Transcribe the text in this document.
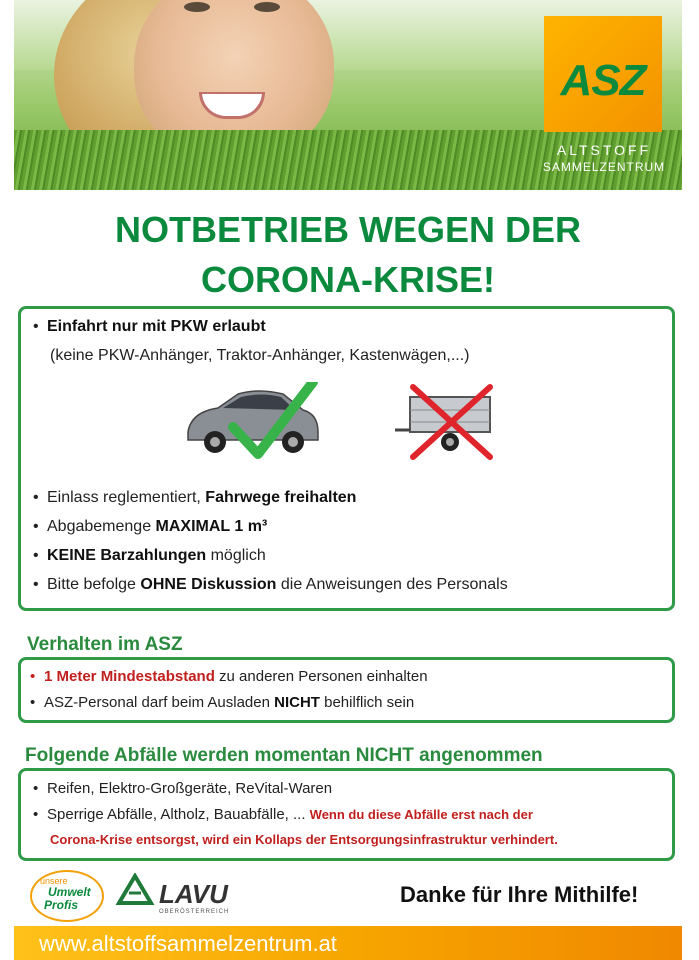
ASZ
ALTSTOFF
SAMMELZENTRUM
NOTBETRIEB WEGEN DER
CORONA-KRISE!
• Einfahrt nur mit PKW erlaubt
(keine PKW-Anhänger, Traktor-Anhänger, Kastenwägen,...)
• Einlass reglementiert, Fahrwege freihalten
• Abgabemenge MAXIMAL 1 m³
• KEINE Barzahlungen möglich
• Bitte befolge OHNE Diskussion die Anweisungen des Personals
Verhalten im ASZ
• 1 Meter Mindestabstand zu anderen Personen einhalten
• ASZ-Personal darf beim Ausladen NICHT behilflich sein
Folgende Abfälle werden momentan NICHT angenommen
• Reifen, Elektro-Großgeräte, ReVital-Waren
• Sperrige Abfälle, Altholz, Bauabfälle, ... Wenn du diese Abfälle erst nach der
Corona-Krise entsorgst, wird ein Kollaps der Entsorgungsinfrastruktur verhindert.
unsere
Umwelt
Profis	LAVU
OBERÖSTERREICH
Danke für Ihre Mithilfe!
www.altstoffsammelzentrum.at
